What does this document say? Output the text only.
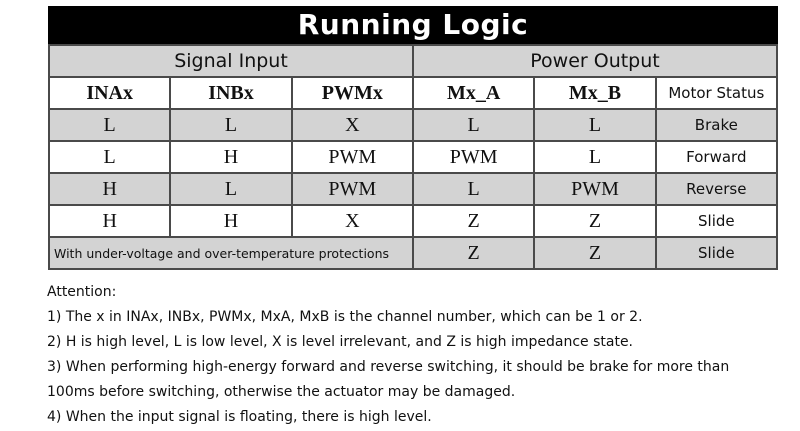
Running Logic
Signal Input			Power Output		
INAx	INBx	PWMx	Mx_A	Mx_B	Motor Status
L	L	X	L	L	Brake
L	H	PWM	PWM	L	Forward
H	L	PWM	L	PWM	Reverse
H	H	X	Z	Z	Slide
With under-voltage and over-temperature protections			Z	Z	Slide

Attention:

1) The x in INAx, INBx, PWMx, MxA, MxB is the channel number, which can be 1 or 2.

2) H is high level, L is low level, X is level irrelevant, and Z is high impedance state.

3) When performing high-energy forward and reverse switching, it should be brake for more than

100ms before switching, otherwise the actuator may be damaged.

4) When the input signal is floating, there is high level.
